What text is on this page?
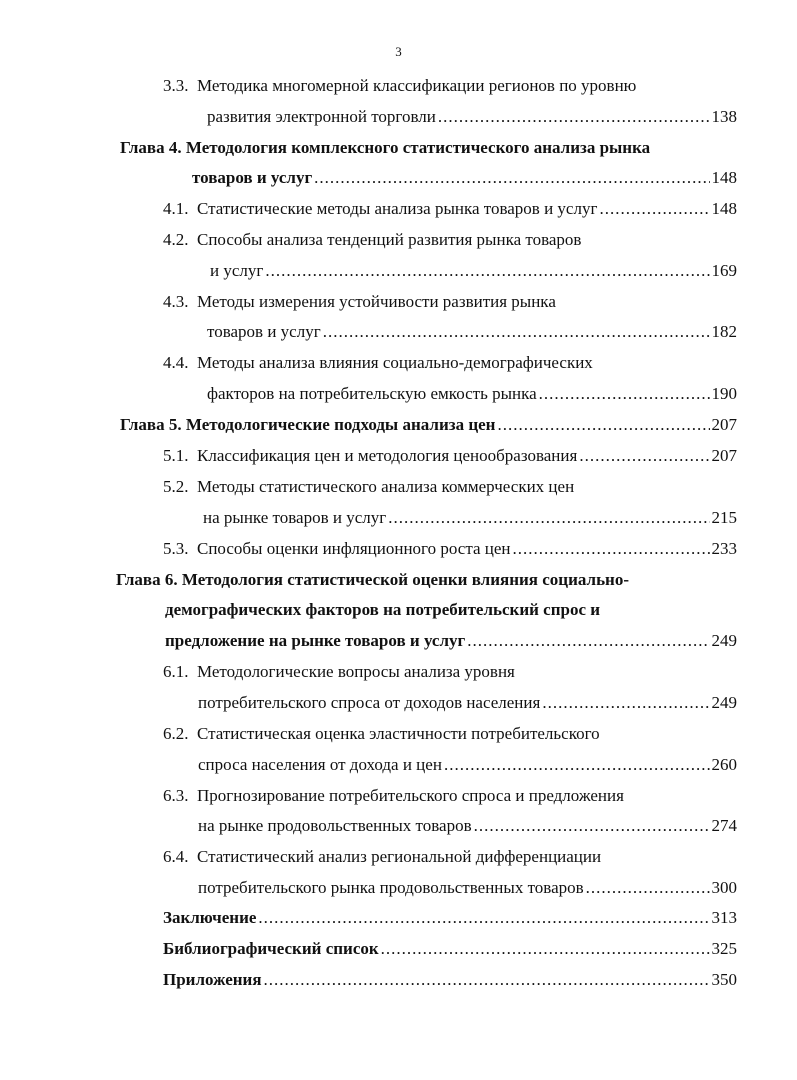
3
3.3. Методика многомерной классификации регионов по уровню
развития электронной торговли .....	138
Глава 4. Методология комплексного статистического анализа рынка
товаров и услуг .....	148
4.1. Статистические методы анализа рынка товаров и услуг .....	148
4.2. Способы анализа тенденций развития рынка товаров
и услуг .....	169
4.3. Методы измерения устойчивости развития рынка
товаров и услуг .....	182
4.4. Методы анализа влияния социально-демографических
факторов на потребительскую емкость рынка .....	190
Глава 5. Методологические подходы анализа цен .....	207
5.1. Классификация цен и методология ценообразования .....	207
5.2. Методы статистического анализа коммерческих цен
на рынке товаров и услуг .....	215
5.3. Способы оценки инфляционного роста цен .....	233
Глава 6. Методология статистической оценки влияния социально-
демографических факторов на потребительский спрос и
предложение на рынке товаров и услуг .....	249
6.1. Методологические вопросы анализа уровня
потребительского спроса от доходов населения .....	249
6.2. Статистическая оценка эластичности потребительского
спроса населения от дохода и цен .....	260
6.3. Прогнозирование потребительского спроса и предложения
на рынке продовольственных товаров .....	274
6.4. Статистический анализ региональной дифференциации
потребительского рынка продовольственных товаров .....	300
Заключение .....	313
Библиографический список .....	325
Приложения .....	350
